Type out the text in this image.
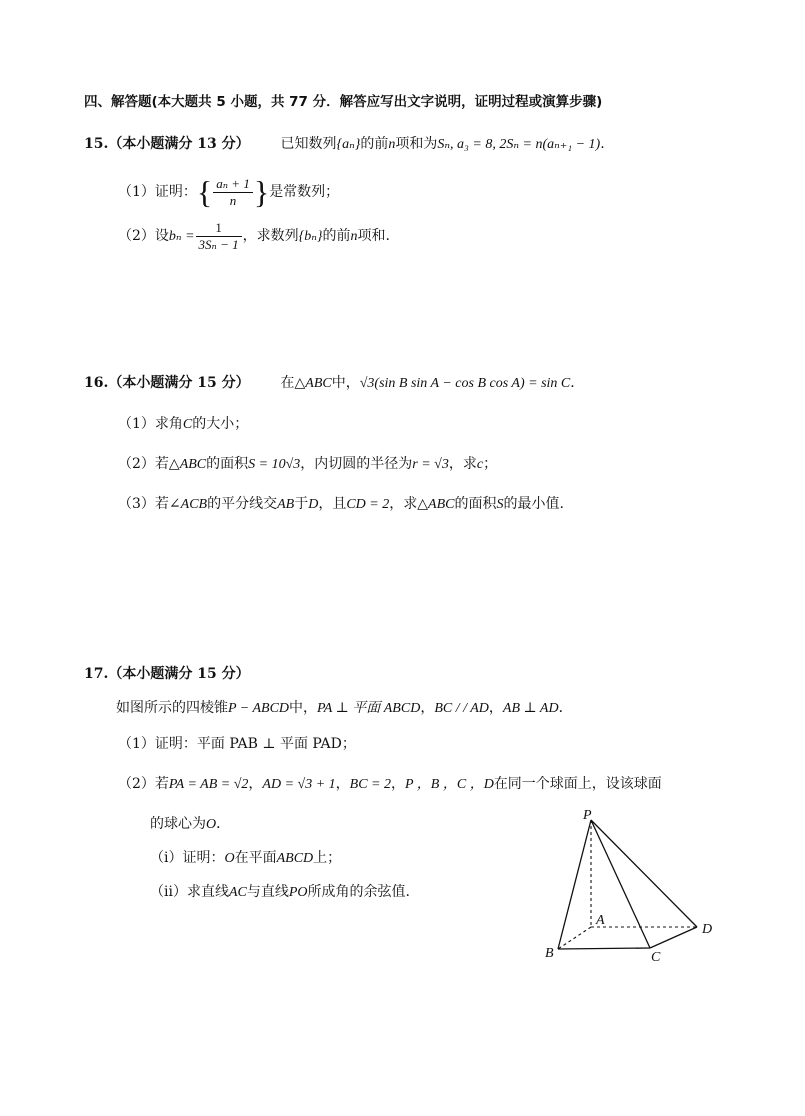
四、解答题(本大题共 5 小题，共 77 分．解答应写出文字说明，证明过程或演算步骤)
15.（本小题满分 13 分） 已知数列{aₙ}的前n项和为Sₙ, a₃ = 8, 2Sₙ = n(aₙ₊₁ − 1).
（1）证明：{ $\frac{\text{aₙ + 1}}{n}$ }是常数列；
（2）设$b_n = \frac{1}{\text{3Sₙ − 1}}$ ，求数列{bₙ}的前n项和.
16.（本小题满分 15 分） 在△ABC中，√3(sin B sin A − cos B cos A) = sin C．
（1）求角C的大小；
（2）若△ABC的面积S = 10√3，内切圆的半径为r = √3，求c；
（3）若∠ACB的平分线交AB于D，且CD = 2，求△ABC的面积S的最小值.
17.（本小题满分 15 分）
如图所示的四棱锥P − ABCD中，PA ⊥ 平面 ABCD，BC / / AD，AB ⊥ AD．
（1）证明：平面 PAB ⊥ 平面 PAD；
（2）若PA = AB = √2，AD = √3 + 1，BC = 2，P ，B ，C ，D在同一个球面上，设该球面
的球心为O．
（ⅰ）证明：O在平面ABCD上；
（ⅱ）求直线AC与直线PO所成角的余弦值.
P
A
B	C
D
